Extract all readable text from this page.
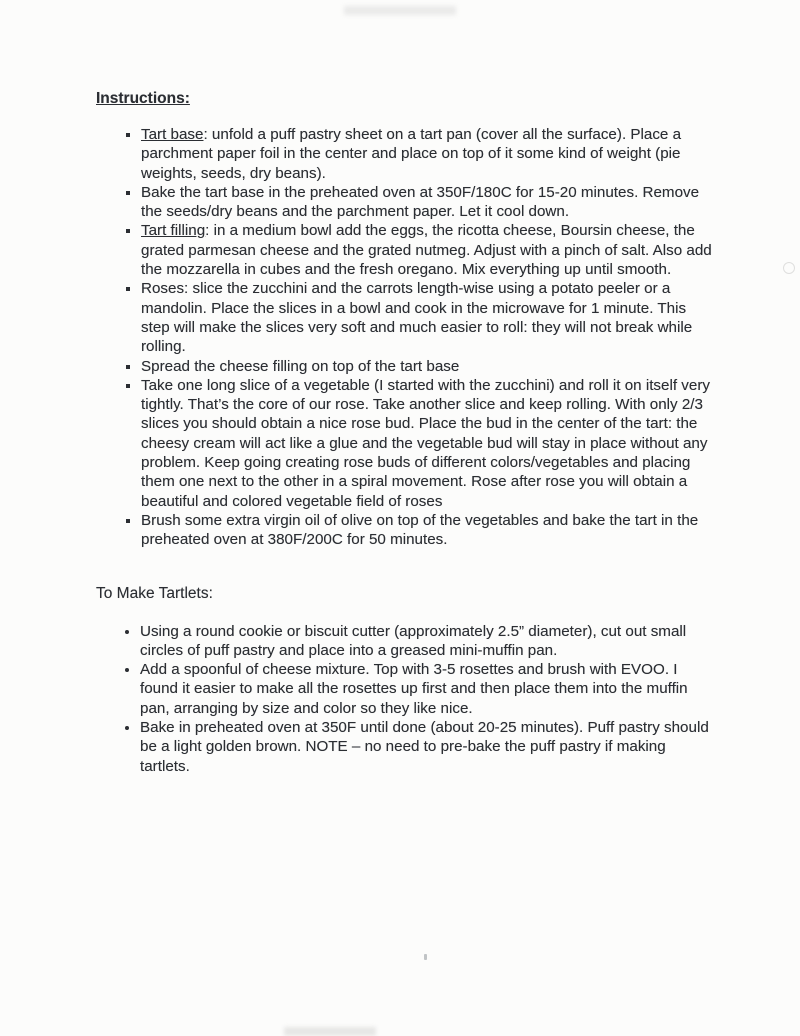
Instructions:
▪ Tart base: unfold a puff pastry sheet on a tart pan (cover all the surface). Place a parchment paper foil in the center and place on top of it some kind of weight (pie weights, seeds, dry beans).
▪ Bake the tart base in the preheated oven at 350F/180C for 15-20 minutes. Remove the seeds/dry beans and the parchment paper. Let it cool down.
▪ Tart filling: in a medium bowl add the eggs, the ricotta cheese, Boursin cheese, the grated parmesan cheese and the grated nutmeg. Adjust with a pinch of salt. Also add the mozzarella in cubes and the fresh oregano. Mix everything up until smooth.
▪ Roses: slice the zucchini and the carrots length-wise using a potato peeler or a mandolin. Place the slices in a bowl and cook in the microwave for 1 minute. This step will make the slices very soft and much easier to roll: they will not break while rolling.
▪ Spread the cheese filling on top of the tart base
▪ Take one long slice of a vegetable (I started with the zucchini) and roll it on itself very tightly. That’s the core of our rose. Take another slice and keep rolling. With only 2/3 slices you should obtain a nice rose bud. Place the bud in the center of the tart: the cheesy cream will act like a glue and the vegetable bud will stay in place without any problem. Keep going creating rose buds of different colors/vegetables and placing them one next to the other in a spiral movement. Rose after rose you will obtain a beautiful and colored vegetable field of roses
▪ Brush some extra virgin oil of olive on top of the vegetables and bake the tart in the preheated oven at 380F/200C for 50 minutes.
To Make Tartlets:
• Using a round cookie or biscuit cutter (approximately 2.5” diameter), cut out small circles of puff pastry and place into a greased mini-muffin pan.
• Add a spoonful of cheese mixture. Top with 3-5 rosettes and brush with EVOO. I found it easier to make all the rosettes up first and then place them into the muffin pan, arranging by size and color so they like nice.
• Bake in preheated oven at 350F until done (about 20-25 minutes). Puff pastry should be a light golden brown. NOTE – no need to pre-bake the puff pastry if making tartlets.
